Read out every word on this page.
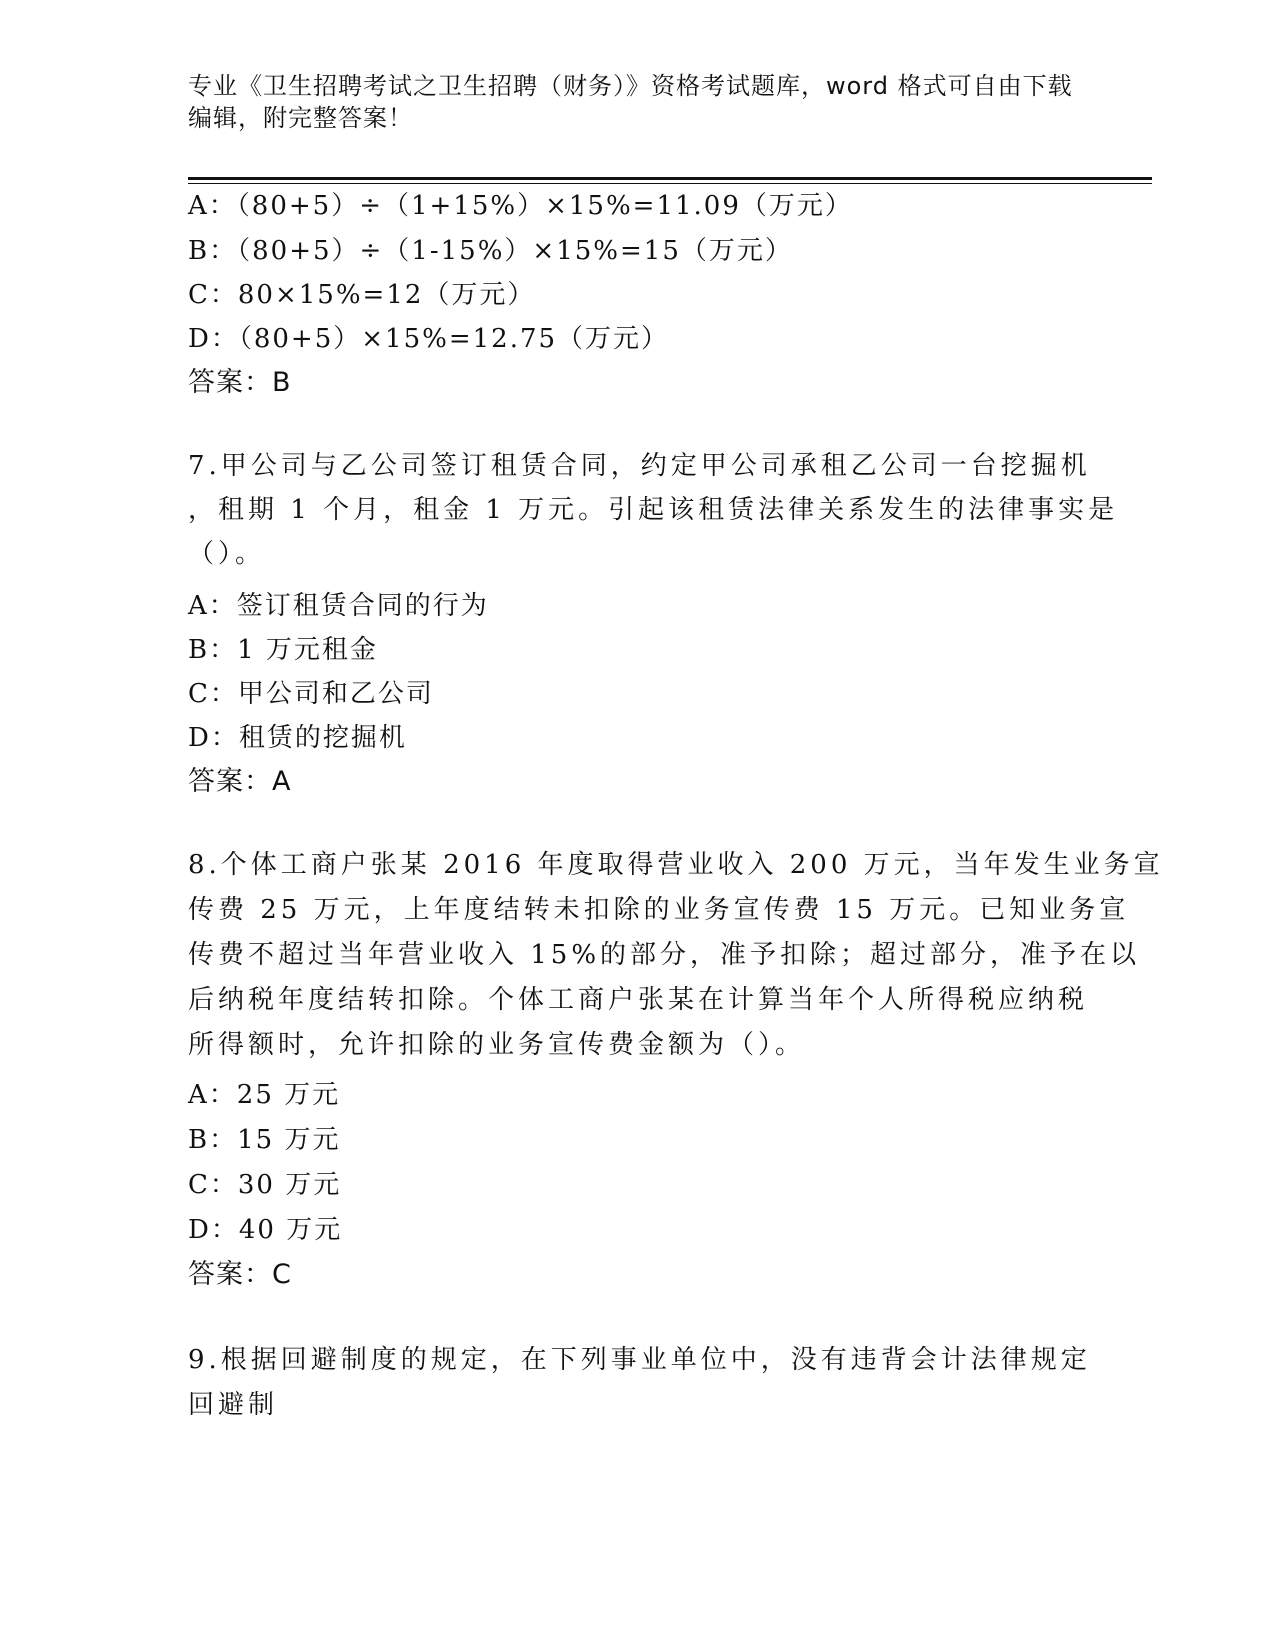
专业《卫生招聘考试之卫生招聘（财务）》资格考试题库，word 格式可自由下载
编辑，附完整答案！
A：（80+5）÷（1+15%）×15%=11.09（万元）
B：（80+5）÷（1-15%）×15%=15（万元）
C：80×15%=12（万元）
D：（80+5）×15%=12.75（万元）
答案：B
7.甲公司与乙公司签订租赁合同，约定甲公司承租乙公司一台挖掘机
，租期 1 个月，租金 1 万元。引起该租赁法律关系发生的法律事实是
（）。
A：签订租赁合同的行为
B：1 万元租金
C：甲公司和乙公司
D：租赁的挖掘机
答案：A
8.个体工商户张某 2016 年度取得营业收入 200 万元，当年发生业务宣
传费 25 万元，上年度结转未扣除的业务宣传费 15 万元。已知业务宣
传费不超过当年营业收入 15%的部分，准予扣除；超过部分，准予在以
后纳税年度结转扣除。个体工商户张某在计算当年个人所得税应纳税
所得额时，允许扣除的业务宣传费金额为（）。
A：25 万元
B：15 万元
C：30 万元
D：40 万元
答案：C
9.根据回避制度的规定，在下列事业单位中，没有违背会计法律规定
回避制
